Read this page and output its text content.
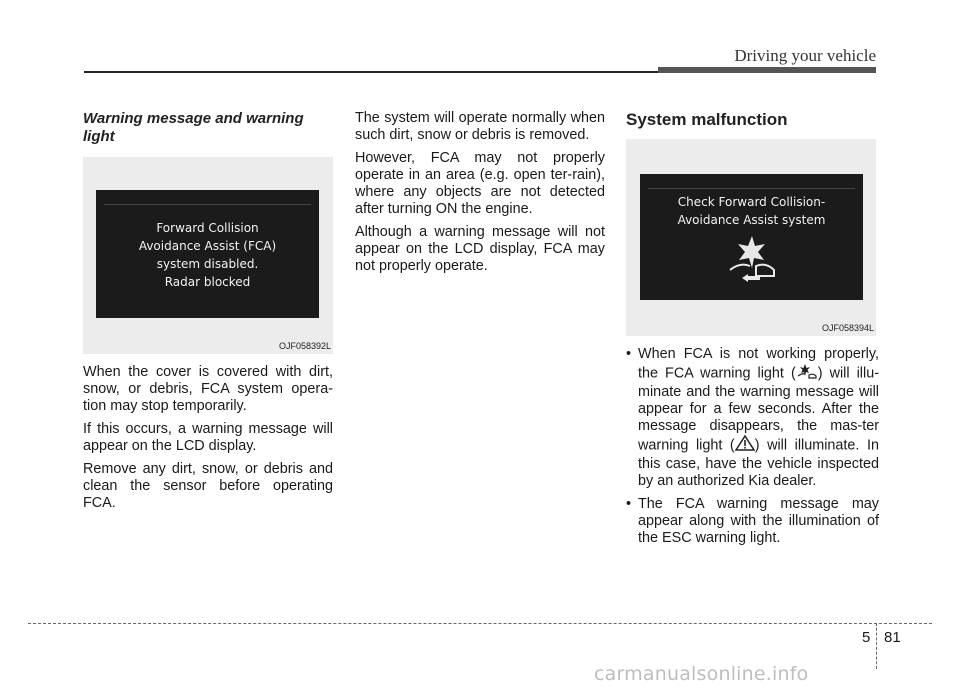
Driving your vehicle
Warning message and warning light
Forward Collision
Avoidance Assist (FCA)
system disabled.
Radar blocked
OJF058392L

When the cover is covered with dirt, snow, or debris, FCA system opera-tion may stop temporarily.

If this occurs, a warning message will appear on the LCD display.

Remove any dirt, snow, or debris and clean the sensor before operating FCA.

The system will operate normally when such dirt, snow or debris is removed.

However, FCA may not properly operate in an area (e.g. open ter-rain), where any objects are not detected after turning ON the engine.

Although a warning message will not appear on the LCD display, FCA may not properly operate.

System malfunction
Check Forward Collision-
Avoidance Assist system
OJF058394L
• When FCA is not working properly, the FCA warning light ( ) will illu-minate and the warning message will appear for a few seconds. After the message disappears, the mas-ter warning light ( ) will illuminate. In this case, have the vehicle inspected by an authorized Kia dealer.
• The FCA warning message may appear along with the illumination of the ESC warning light.
5 81
carmanualsonline.info
